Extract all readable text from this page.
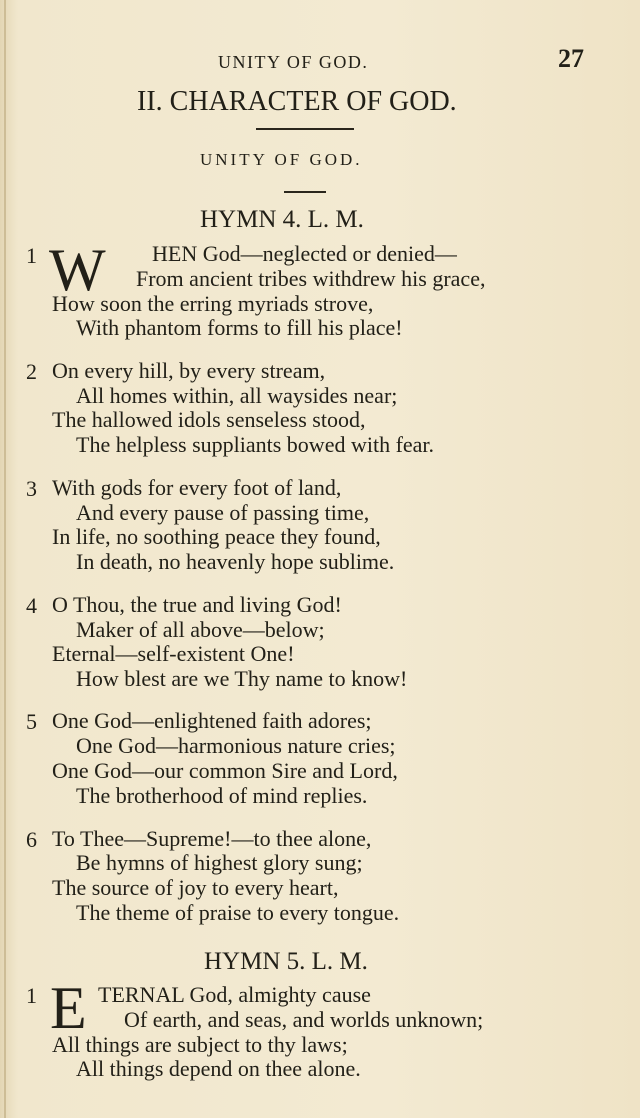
UNITY OF GOD.	27
II. CHARACTER OF GOD.
UNITY OF GOD.
HYMN 4. L. M.
1 W HEN God—neglected or denied—
From ancient tribes withdrew his grace,
How soon the erring myriads strove,
With phantom forms to fill his place!
2 On every hill, by every stream,
All homes within, all waysides near;
The hallowed idols senseless stood,
The helpless suppliants bowed with fear.
3 With gods for every foot of land,
And every pause of passing time,
In life, no soothing peace they found,
In death, no heavenly hope sublime.
4 O Thou, the true and living God!
Maker of all above—below;
Eternal—self-existent One!
How blest are we Thy name to know!
5 One God—enlightened faith adores;
One God—harmonious nature cries;
One God—our common Sire and Lord,
The brotherhood of mind replies.
6 To Thee—Supreme!—to thee alone,
Be hymns of highest glory sung;
The source of joy to every heart,
The theme of praise to every tongue.
HYMN 5. L. M.
1 E TERNAL God, almighty cause
Of earth, and seas, and worlds unknown;
All things are subject to thy laws;
All things depend on thee alone.
